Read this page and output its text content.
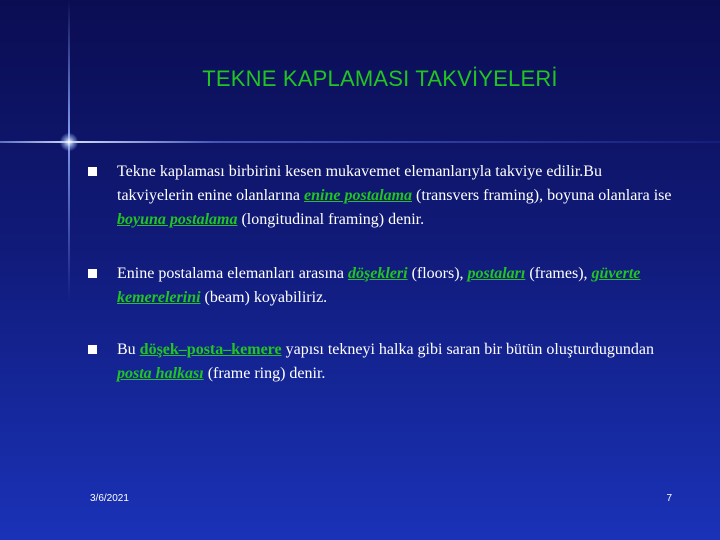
TEKNE KAPLAMASI TAKVİYELERİ
Tekne kaplaması birbirini kesen mukavemet elemanlarıyla takviye edilir.Bu takviyelerin enine olanlarına enine postalama (transvers framing), boyuna olanlara ise boyuna postalama (longitudinal framing) denir.
Enine postalama elemanları arasına döşekleri (floors), postaları (frames), güverte kemerelerini (beam) koyabiliriz.
Bu döşek–posta–kemere yapısı tekneyi halka gibi saran bir bütün oluşturdugundan posta halkası (frame ring) denir.
3/6/2021	7
